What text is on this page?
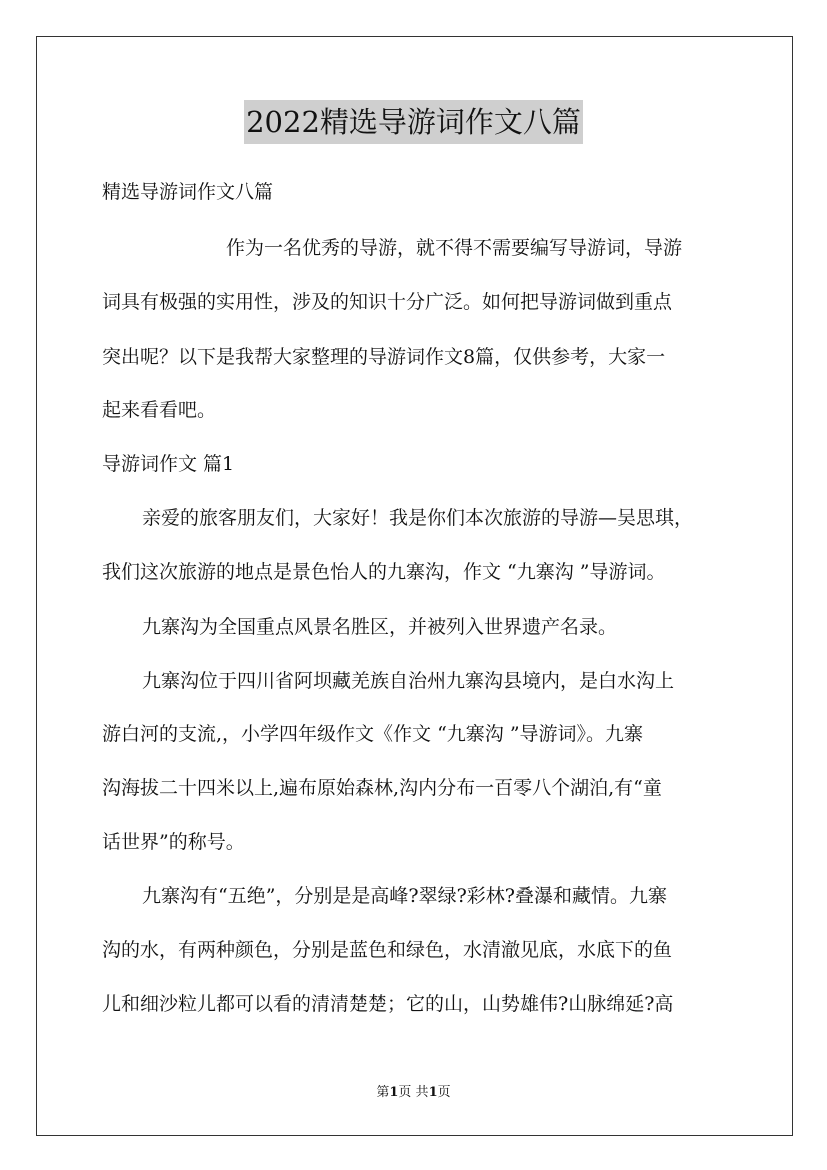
2022精选导游词作文八篇
精选导游词作文八篇
作为一名优秀的导游，就不得不需要编写导游词，导游
词具有极强的实用性，涉及的知识十分广泛。如何把导游词做到重点
突出呢？以下是我帮大家整理的导游词作文8篇，仅供参考，大家一
起来看看吧。
导游词作文 篇1
亲爱的旅客朋友们，大家好！我是你们本次旅游的导游—吴思琪，
我们这次旅游的地点是景色怡人的九寨沟，作文 “九寨沟 ”导游词。
九寨沟为全国重点风景名胜区，并被列入世界遗产名录。
九寨沟位于四川省阿坝藏羌族自治州九寨沟县境内，是白水沟上
游白河的支流,，小学四年级作文《作文 “九寨沟 ”导游词》。九寨
沟海拔二十四米以上,遍布原始森林,沟内分布一百零八个湖泊,有“童
话世界”的称号。
九寨沟有“五绝”，分别是是高峰?翠绿?彩林?叠瀑和藏情。九寨
沟的水，有两种颜色，分别是蓝色和绿色，水清澈见底，水底下的鱼
儿和细沙粒儿都可以看的清清楚楚；它的山，山势雄伟?山脉绵延?高
第1页 共1页
